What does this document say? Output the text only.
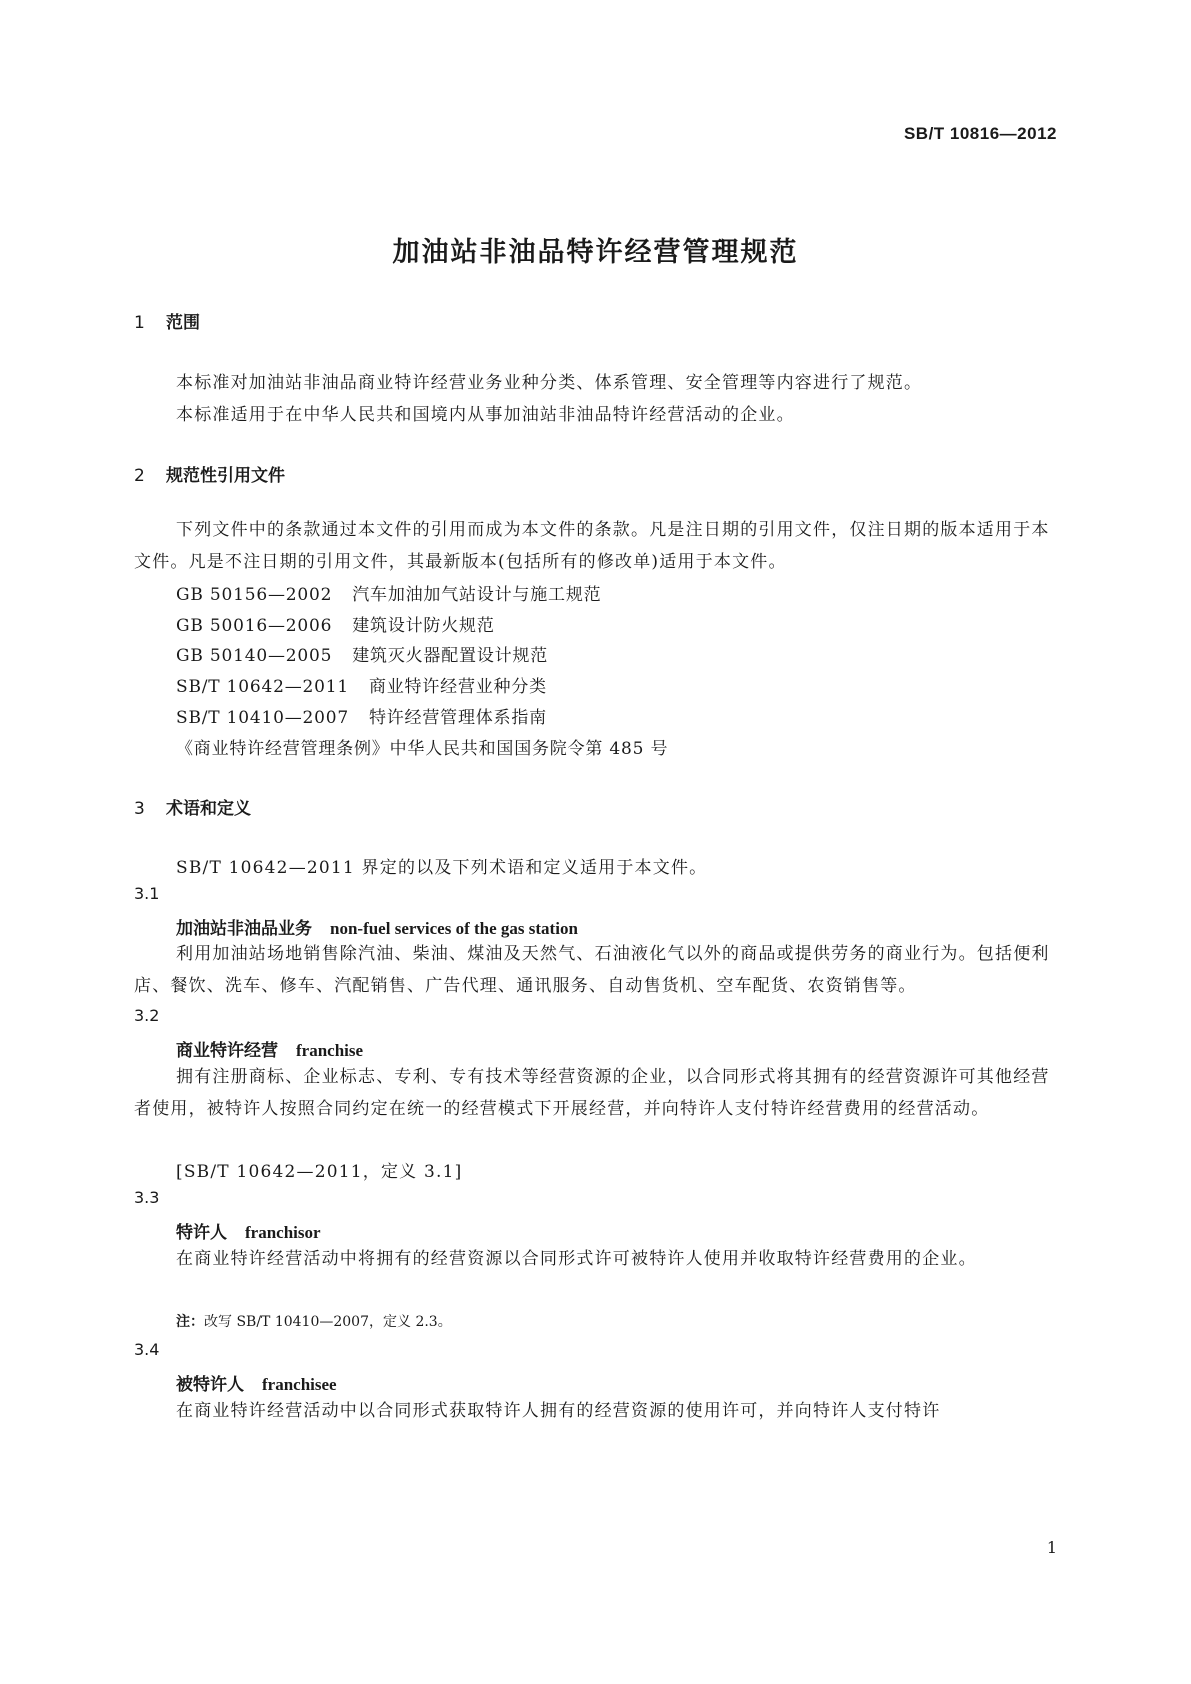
SB/T 10816—2012
加油站非油品特许经营管理规范
1 范围
本标准对加油站非油品商业特许经营业务业种分类、体系管理、安全管理等内容进行了规范。
本标准适用于在中华人民共和国境内从事加油站非油品特许经营活动的企业。
2 规范性引用文件
下列文件中的条款通过本文件的引用而成为本文件的条款。凡是注日期的引用文件，仅注日期的版本适用于本文件。凡是不注日期的引用文件，其最新版本(包括所有的修改单)适用于本文件。
GB 50156—2002 汽车加油加气站设计与施工规范
GB 50016—2006 建筑设计防火规范
GB 50140—2005 建筑灭火器配置设计规范
SB/T 10642—2011 商业特许经营业种分类
SB/T 10410—2007 特许经营管理体系指南
《商业特许经营管理条例》中华人民共和国国务院令第 485 号
3 术语和定义
SB/T 10642—2011 界定的以及下列术语和定义适用于本文件。
3.1
加油站非油品业务 non-fuel services of the gas station
利用加油站场地销售除汽油、柴油、煤油及天然气、石油液化气以外的商品或提供劳务的商业行为。包括便利店、餐饮、洗车、修车、汽配销售、广告代理、通讯服务、自动售货机、空车配货、农资销售等。
3.2
商业特许经营 franchise
拥有注册商标、企业标志、专利、专有技术等经营资源的企业，以合同形式将其拥有的经营资源许可其他经营者使用，被特许人按照合同约定在统一的经营模式下开展经营，并向特许人支付特许经营费用的经营活动。
[SB/T 10642—2011，定义 3.1]
3.3
特许人 franchisor
在商业特许经营活动中将拥有的经营资源以合同形式许可被特许人使用并收取特许经营费用的企业。
注：改写 SB/T 10410—2007，定义 2.3。
3.4
被特许人 franchisee
在商业特许经营活动中以合同形式获取特许人拥有的经营资源的使用许可，并向特许人支付特许
1
